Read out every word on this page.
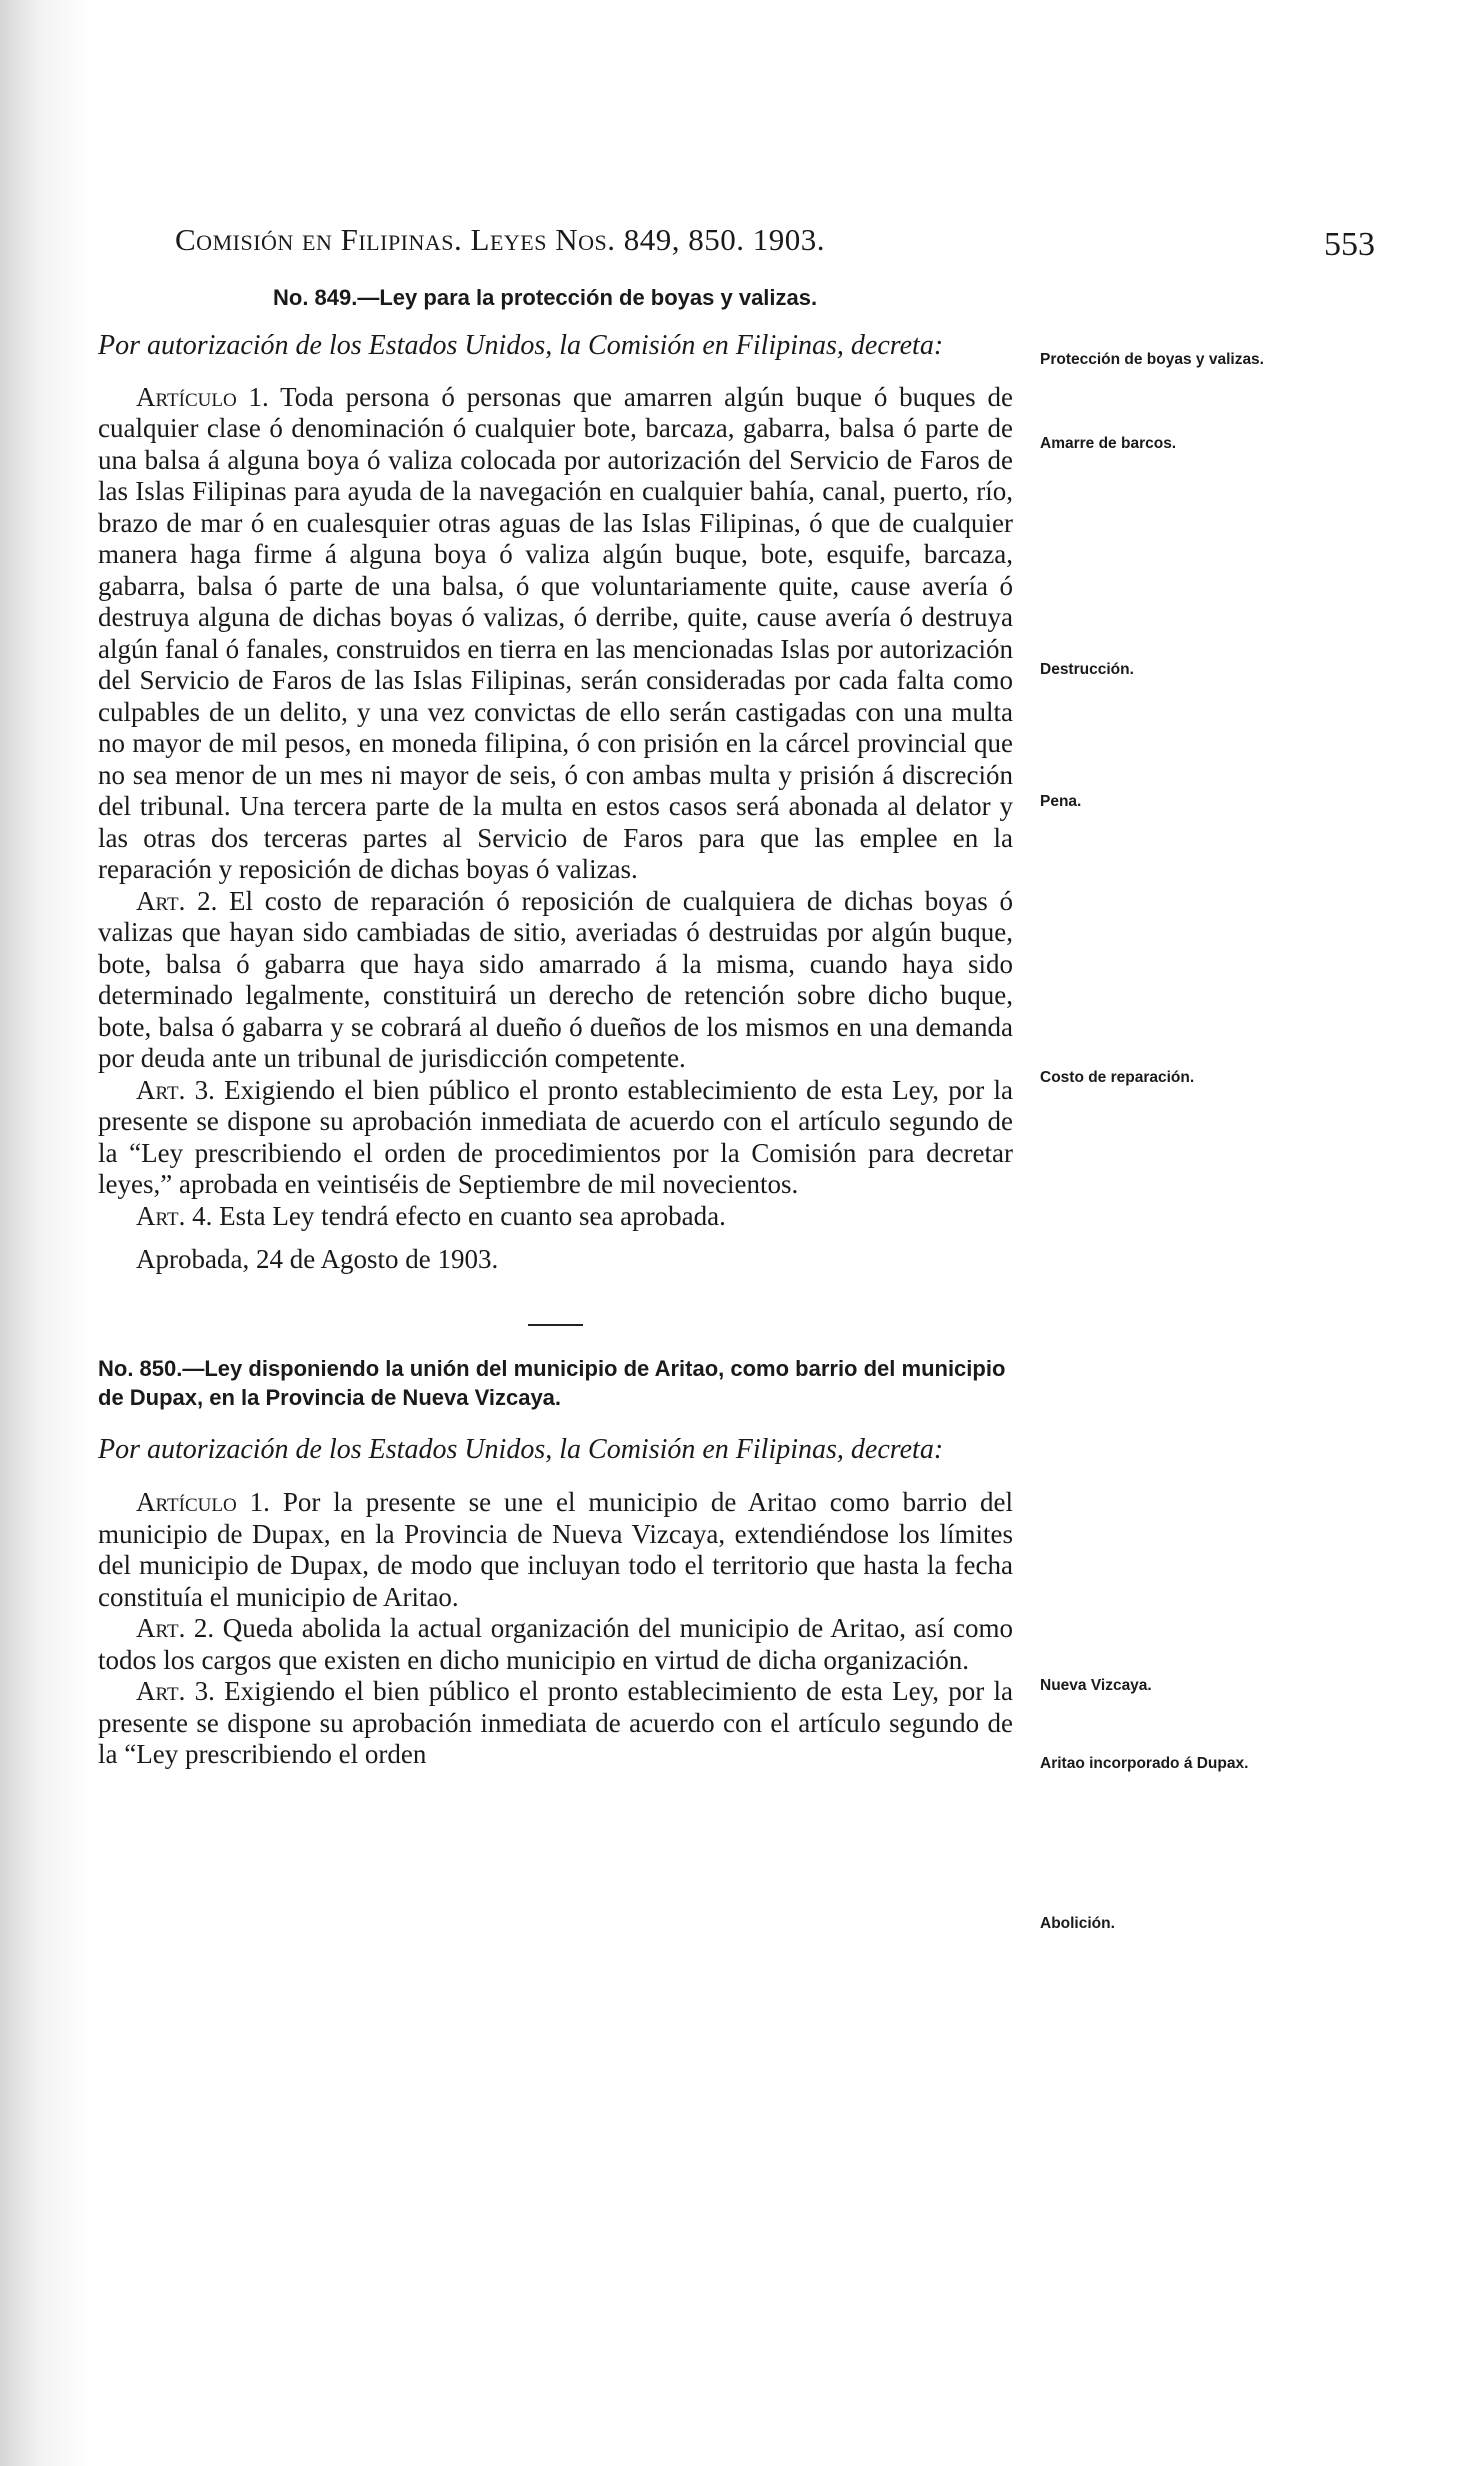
Comisión en Filipinas. Leyes Nos. 849, 850. 1903.	553

No. 849.—Ley para la protección de boyas y valizas.

Por autorización de los Estados Unidos, la Comisión en Filipinas, decreta:

Artículo 1. Toda persona ó personas que amarren algún buque ó buques de cualquier clase ó denominación ó cualquier bote, barcaza, gabarra, balsa ó parte de una balsa á alguna boya ó valiza colocada por autorización del Servicio de Faros de las Islas Filipinas para ayuda de la navegación en cualquier bahía, canal, puerto, río, brazo de mar ó en cualesquier otras aguas de las Islas Filipinas, ó que de cualquier manera haga firme á alguna boya ó valiza algún buque, bote, esquife, barcaza, gabarra, balsa ó parte de una balsa, ó que voluntariamente quite, cause avería ó destruya alguna de dichas boyas ó valizas, ó derribe, quite, cause avería ó destruya algún fanal ó fanales, construidos en tierra en las mencionadas Islas por autorización del Servicio de Faros de las Islas Filipinas, serán consideradas por cada falta como culpables de un delito, y una vez convictas de ello serán castigadas con una multa no mayor de mil pesos, en moneda filipina, ó con prisión en la cárcel provincial que no sea menor de un mes ni mayor de seis, ó con ambas multa y prisión á discreción del tribunal. Una tercera parte de la multa en estos casos será abonada al delator y las otras dos terceras partes al Servicio de Faros para que las emplee en la reparación y reposición de dichas boyas ó valizas.

Art. 2. El costo de reparación ó reposición de cualquiera de dichas boyas ó valizas que hayan sido cambiadas de sitio, averiadas ó destruidas por algún buque, bote, balsa ó gabarra que haya sido amarrado á la misma, cuando haya sido determinado legalmente, constituirá un derecho de retención sobre dicho buque, bote, balsa ó gabarra y se cobrará al dueño ó dueños de los mismos en una demanda por deuda ante un tribunal de jurisdicción competente.

Art. 3. Exigiendo el bien público el pronto establecimiento de esta Ley, por la presente se dispone su aprobación inmediata de acuerdo con el artículo segundo de la “Ley prescribiendo el orden de procedimientos por la Comisión para decretar leyes,” aprobada en veintiséis de Septiembre de mil novecientos.

Art. 4. Esta Ley tendrá efecto en cuanto sea aprobada.

Aprobada, 24 de Agosto de 1903.

No. 850.—Ley disponiendo la unión del municipio de Aritao, como barrio del municipio de Dupax, en la Provincia de Nueva Vizcaya.

Por autorización de los Estados Unidos, la Comisión en Filipinas, decreta:

Artículo 1. Por la presente se une el municipio de Aritao como barrio del municipio de Dupax, en la Provincia de Nueva Vizcaya, extendiéndose los límites del municipio de Dupax, de modo que incluyan todo el territorio que hasta la fecha constituía el municipio de Aritao.

Art. 2. Queda abolida la actual organización del municipio de Aritao, así como todos los cargos que existen en dicho municipio en virtud de dicha organización.

Art. 3. Exigiendo el bien público el pronto establecimiento de esta Ley, por la presente se dispone su aprobación inmediata de acuerdo con el artículo segundo de la “Ley prescribiendo el orden

Protección de boyas y valizas.
Amarre de barcos.
Destrucción.
Pena.
Costo de reparación.
Nueva Vizcaya.
Aritao incorporado á Dupax.
Abolición.
